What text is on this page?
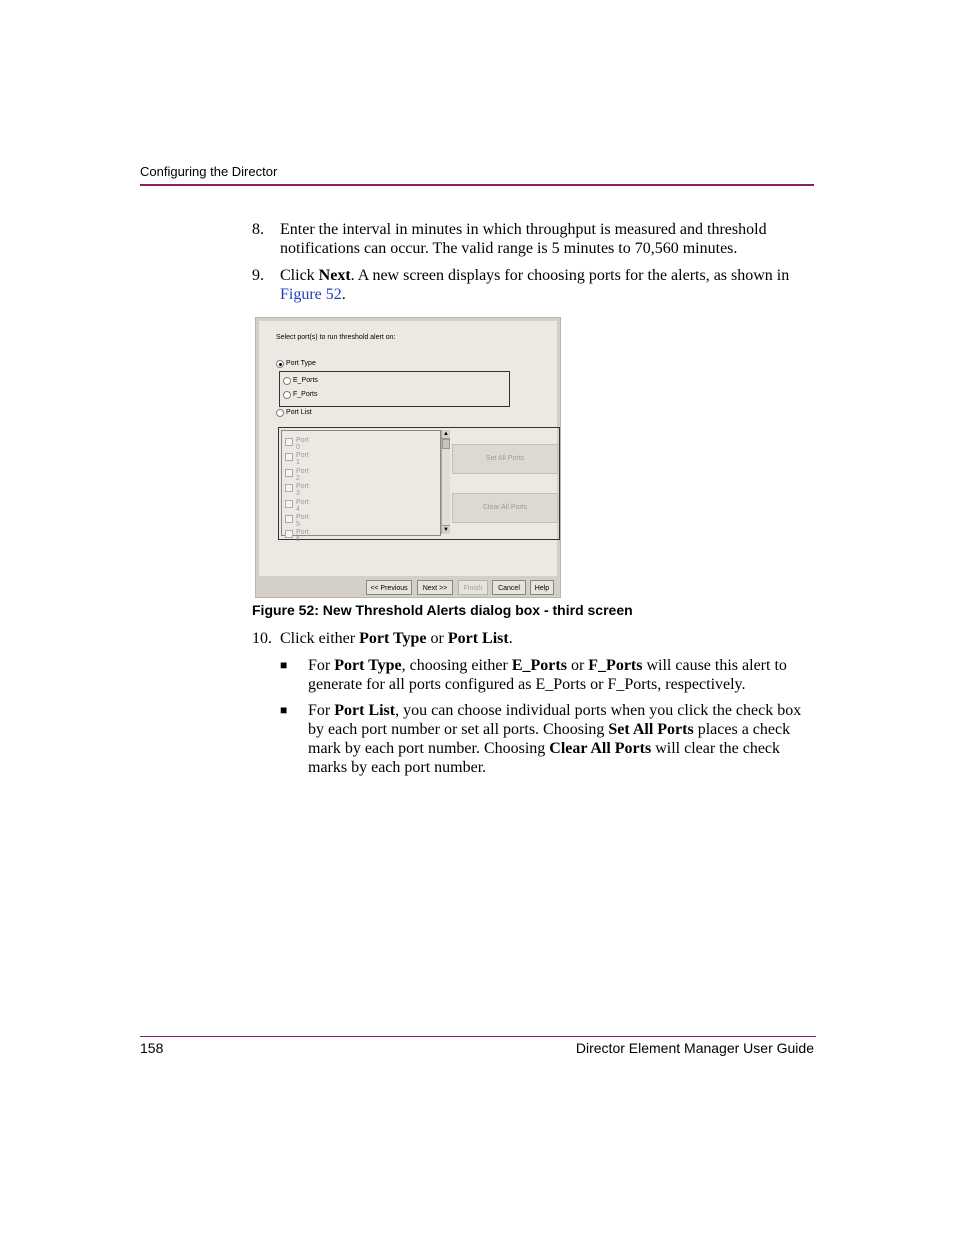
Configuring the Director
8. Enter the interval in minutes in which throughput is measured and threshold notifications can occur. The valid range is 5 minutes to 70,560 minutes.
9. Click Next. A new screen displays for choosing ports for the alerts, as shown in Figure 52.
Select port(s) to run threshold alert on:
Port Type
E_Ports
F_Ports
Port List
Port 0
Port 1
Port 2
Port 3
Port 4
Port 5
Port 6
▲
▼
Set All Ports
Clear All Ports
<< Previous	Next >>	Finish	Cancel	Help
Figure 52: New Threshold Alerts dialog box - third screen
10. Click either Port Type or Port List.
■ For Port Type, choosing either E_Ports or F_Ports will cause this alert to generate for all ports configured as E_Ports or F_Ports, respectively.
■ For Port List, you can choose individual ports when you click the check box by each port number or set all ports. Choosing Set All Ports places a check mark by each port number. Choosing Clear All Ports will clear the check marks by each port number.
158	Director Element Manager User Guide
